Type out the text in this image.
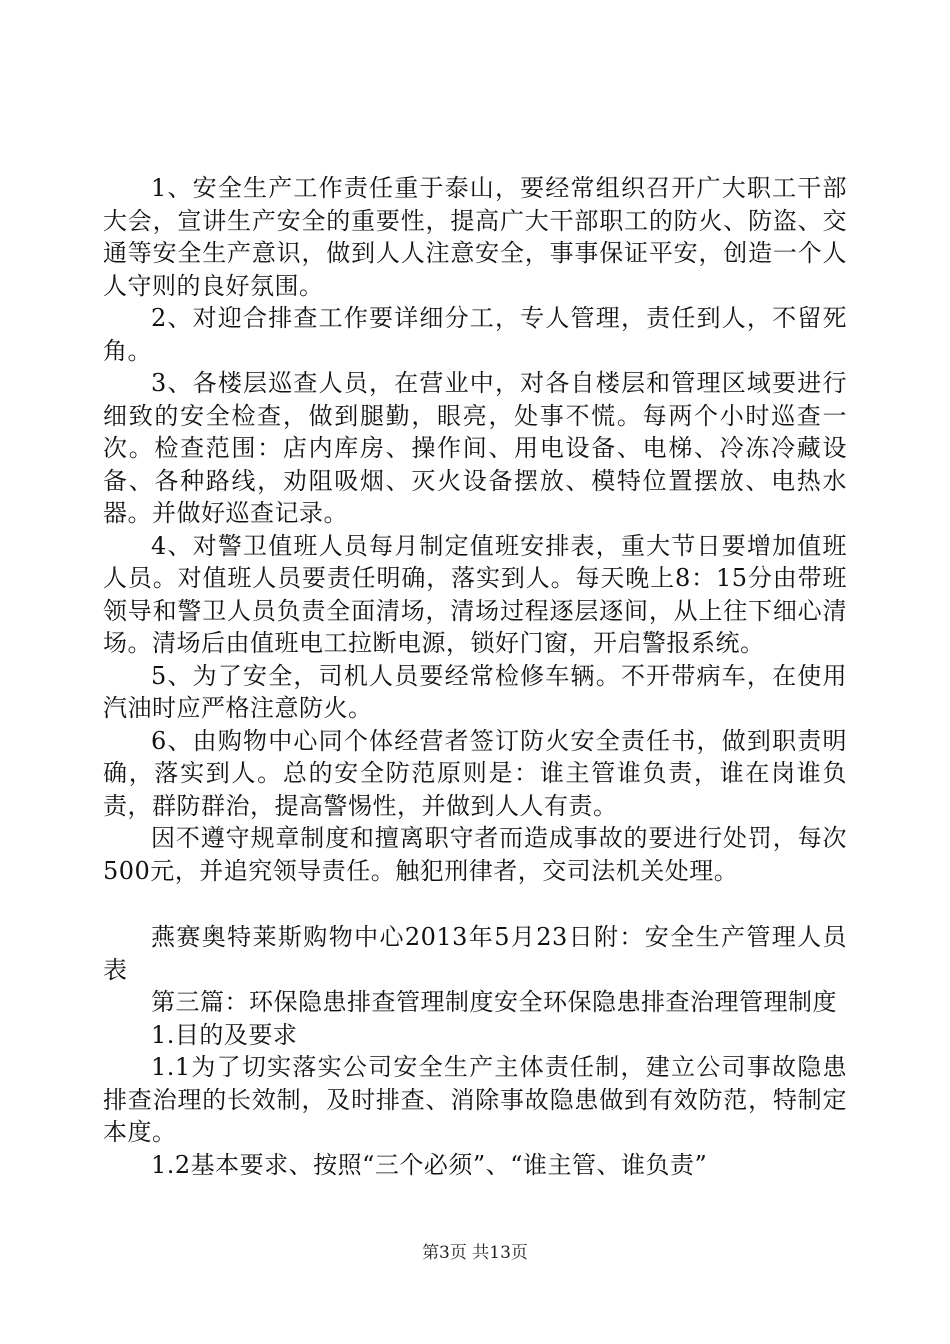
1、安全生产工作责任重于泰山，要经常组织召开广大职工干部大会，宣讲生产安全的重要性，提高广大干部职工的防火、防盗、交通等安全生产意识，做到人人注意安全，事事保证平安，创造一个人人守则的良好氛围。

2、对迎合排查工作要详细分工，专人管理，责任到人，不留死角。

3、各楼层巡查人员，在营业中，对各自楼层和管理区域要进行细致的安全检查，做到腿勤，眼亮，处事不慌。每两个小时巡查一次。检查范围：店内库房、操作间、用电设备、电梯、冷冻冷藏设备、各种路线，劝阻吸烟、灭火设备摆放、模特位置摆放、电热水器。并做好巡查记录。

4、对警卫值班人员每月制定值班安排表，重大节日要增加值班人员。对值班人员要责任明确，落实到人。每天晚上8：15分由带班领导和警卫人员负责全面清场，清场过程逐层逐间，从上往下细心清场。清场后由值班电工拉断电源，锁好门窗，开启警报系统。

5、为了安全，司机人员要经常检修车辆。不开带病车，在使用汽油时应严格注意防火。

6、由购物中心同个体经营者签订防火安全责任书，做到职责明确，落实到人。总的安全防范原则是：谁主管谁负责，谁在岗谁负责，群防群治，提高警惕性，并做到人人有责。

因不遵守规章制度和擅离职守者而造成事故的要进行处罚，每次500元，并追究领导责任。触犯刑律者，交司法机关处理。

燕赛奥特莱斯购物中心2013年5月23日附：安全生产管理人员表

第三篇：环保隐患排查管理制度安全环保隐患排查治理管理制度

1.目的及要求

1.1为了切实落实公司安全生产主体责任制，建立公司事故隐患排查治理的长效制，及时排查、消除事故隐患做到有效防范，特制定本度。

1.2基本要求、按照“三个必须”、“谁主管、谁负责”

第3页 共13页
